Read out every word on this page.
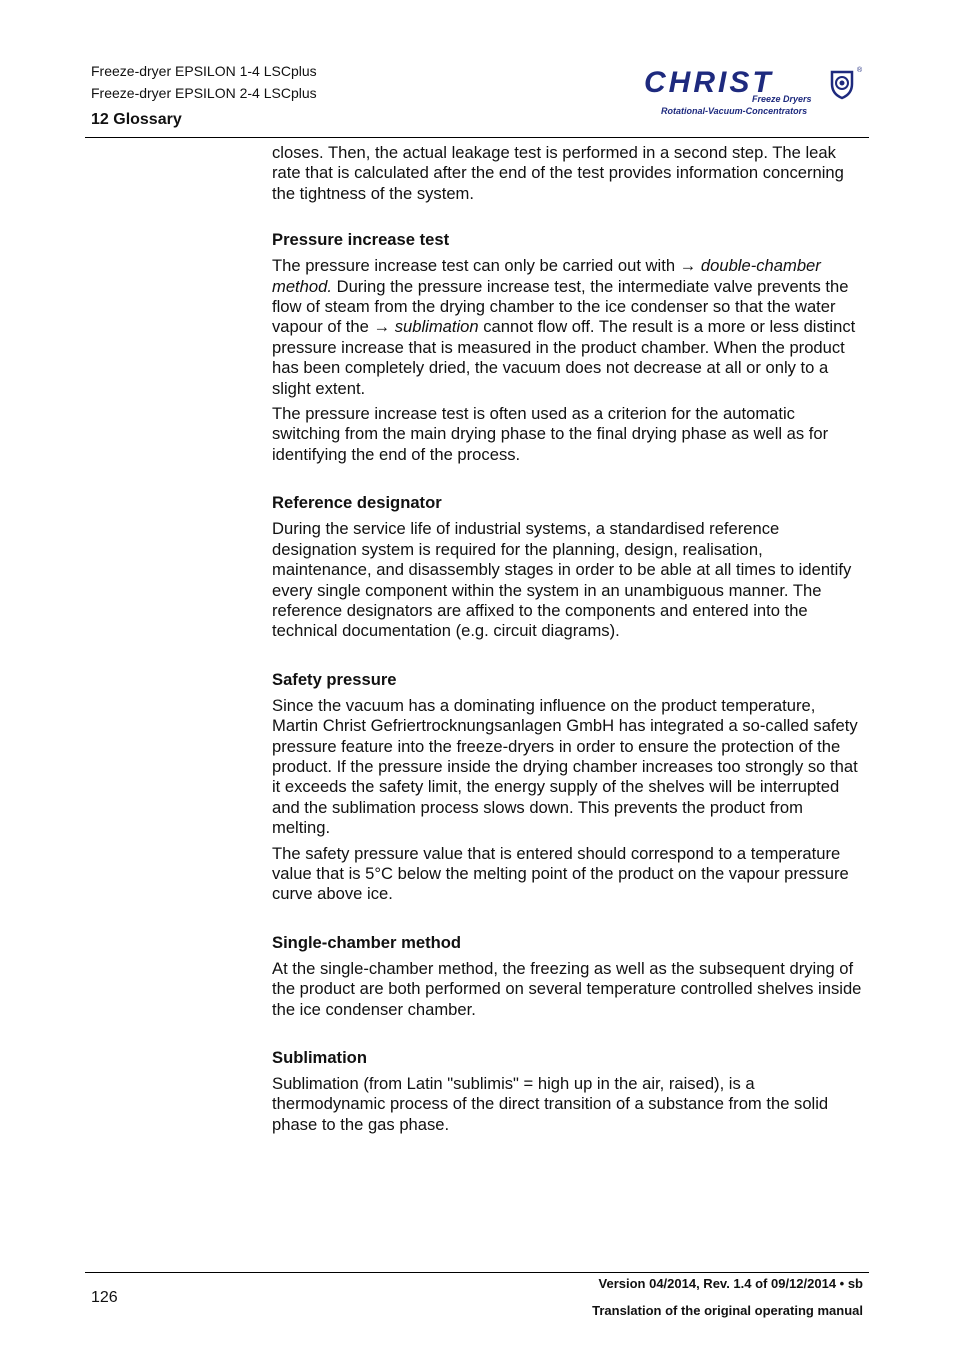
Freeze-dryer EPSILON 1-4 LSCplus
Freeze-dryer EPSILON 2-4 LSCplus
12 Glossary
CHRIST	®
Freeze Dryers
Rotational-Vacuum-Concentrators

closes. Then, the actual leakage test is performed in a second step. The leak rate that is calculated after the end of the test provides information concerning the tightness of the system.

Pressure increase test

The pressure increase test can only be carried out with → double-chamber method. During the pressure increase test, the intermediate valve prevents the flow of steam from the drying chamber to the ice condenser so that the water vapour of the → sublimation cannot flow off. The result is a more or less distinct pressure increase that is measured in the product chamber. When the product has been completely dried, the vacuum does not decrease at all or only to a slight extent.

The pressure increase test is often used as a criterion for the automatic switching from the main drying phase to the final drying phase as well as for identifying the end of the process.

Reference designator

During the service life of industrial systems, a standardised reference designation system is required for the planning, design, realisation, maintenance, and disassembly stages in order to be able at all times to identify every single component within the system in an unambiguous manner. The reference designators are affixed to the components and entered into the technical documentation (e.g. circuit diagrams).

Safety pressure

Since the vacuum has a dominating influence on the product temperature, Martin Christ Gefriertrocknungsanlagen GmbH has integrated a so-called safety pressure feature into the freeze-dryers in order to ensure the protection of the product. If the pressure inside the drying chamber increases too strongly so that it exceeds the safety limit, the energy supply of the shelves will be interrupted and the sublimation process slows down. This prevents the product from melting.

The safety pressure value that is entered should correspond to a temperature value that is 5°C below the melting point of the product on the vapour pressure curve above ice.

Single-chamber method

At the single-chamber method, the freezing as well as the subsequent drying of the product are both performed on several temperature controlled shelves inside the ice condenser chamber.

Sublimation

Sublimation (from Latin "sublimis" = high up in the air, raised), is a thermodynamic process of the direct transition of a substance from the solid phase to the gas phase.

126
Version 04/2014, Rev. 1.4 of 09/12/2014 • sb
Translation of the original operating manual
